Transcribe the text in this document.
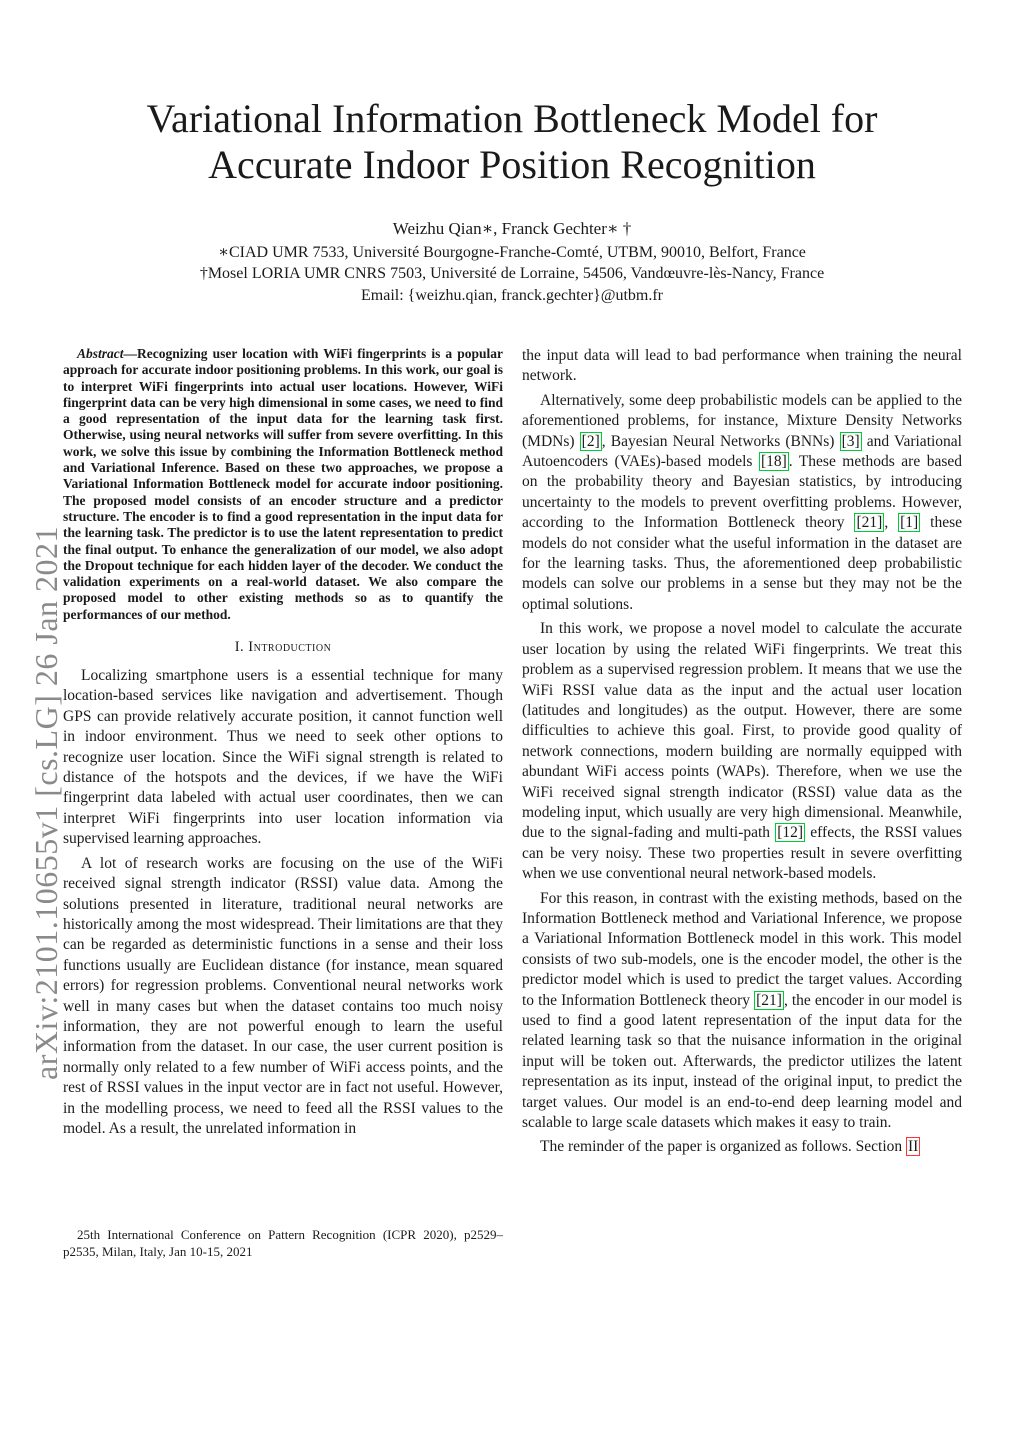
arXiv:2101.10655v1 [cs.LG] 26 Jan 2021
Variational Information Bottleneck Model for
Accurate Indoor Position Recognition
Weizhu Qian∗, Franck Gechter∗ †
∗CIAD UMR 7533, Université Bourgogne-Franche-Comté, UTBM, 90010, Belfort, France
†Mosel LORIA UMR CNRS 7503, Université de Lorraine, 54506, Vandœuvre-lès-Nancy, France
Email: {weizhu.qian, franck.gechter}@utbm.fr

Abstract—Recognizing user location with WiFi fingerprints is a popular approach for accurate indoor positioning problems. In this work, our goal is to interpret WiFi fingerprints into actual user locations. However, WiFi fingerprint data can be very high dimensional in some cases, we need to find a good representation of the input data for the learning task first. Otherwise, using neural networks will suffer from severe overfitting. In this work, we solve this issue by combining the Information Bottleneck method and Variational Inference. Based on these two approaches, we propose a Variational Information Bottleneck model for accurate indoor positioning. The proposed model consists of an encoder structure and a predictor structure. The encoder is to find a good representation in the input data for the learning task. The predictor is to use the latent representation to predict the final output. To enhance the generalization of our model, we also adopt the Dropout technique for each hidden layer of the decoder. We conduct the validation experiments on a real-world dataset. We also compare the proposed model to other existing methods so as to quantify the performances of our method.

I. Introduction

Localizing smartphone users is a essential technique for many location-based services like navigation and advertisement. Though GPS can provide relatively accurate position, it cannot function well in indoor environment. Thus we need to seek other options to recognize user location. Since the WiFi signal strength is related to distance of the hotspots and the devices, if we have the WiFi fingerprint data labeled with actual user coordinates, then we can interpret WiFi fingerprints into user location information via supervised learning approaches.

A lot of research works are focusing on the use of the WiFi received signal strength indicator (RSSI) value data. Among the solutions presented in literature, traditional neural networks are historically among the most widespread. Their limitations are that they can be regarded as deterministic functions in a sense and their loss functions usually are Euclidean distance (for instance, mean squared errors) for regression problems. Conventional neural networks work well in many cases but when the dataset contains too much noisy information, they are not powerful enough to learn the useful information from the dataset. In our case, the user current position is normally only related to a few number of WiFi access points, and the rest of RSSI values in the input vector are in fact not useful. However, in the modelling process, we need to feed all the RSSI values to the model. As a result, the unrelated information in

25th International Conference on Pattern Recognition (ICPR 2020), p2529–p2535, Milan, Italy, Jan 10-15, 2021

the input data will lead to bad performance when training the neural network.

Alternatively, some deep probabilistic models can be applied to the aforementioned problems, for instance, Mixture Density Networks (MDNs) [2] , Bayesian Neural Networks (BNNs) [3] and Variational Autoencoders (VAEs)-based models [18] . These methods are based on the probability theory and Bayesian statistics, by introducing uncertainty to the models to prevent overfitting problems. However, according to the Information Bottleneck theory [21] , [1] these models do not consider what the useful information in the dataset are for the learning tasks. Thus, the aforementioned deep probabilistic models can solve our problems in a sense but they may not be the optimal solutions.

In this work, we propose a novel model to calculate the accurate user location by using the related WiFi fingerprints. We treat this problem as a supervised regression problem. It means that we use the WiFi RSSI value data as the input and the actual user location (latitudes and longitudes) as the output. However, there are some difficulties to achieve this goal. First, to provide good quality of network connections, modern building are normally equipped with abundant WiFi access points (WAPs). Therefore, when we use the WiFi received signal strength indicator (RSSI) value data as the modeling input, which usually are very high dimensional. Meanwhile, due to the signal-fading and multi-path [12] effects, the RSSI values can be very noisy. These two properties result in severe overfitting when we use conventional neural network-based models.

For this reason, in contrast with the existing methods, based on the Information Bottleneck method and Variational Inference, we propose a Variational Information Bottleneck model in this work. This model consists of two sub-models, one is the encoder model, the other is the predictor model which is used to predict the target values. According to the Information Bottleneck theory [21] , the encoder in our model is used to find a good latent representation of the input data for the related learning task so that the nuisance information in the original input will be token out. Afterwards, the predictor utilizes the latent representation as its input, instead of the original input, to predict the target values. Our model is an end-to-end deep learning model and scalable to large scale datasets which makes it easy to train.

The reminder of the paper is organized as follows. Section II
